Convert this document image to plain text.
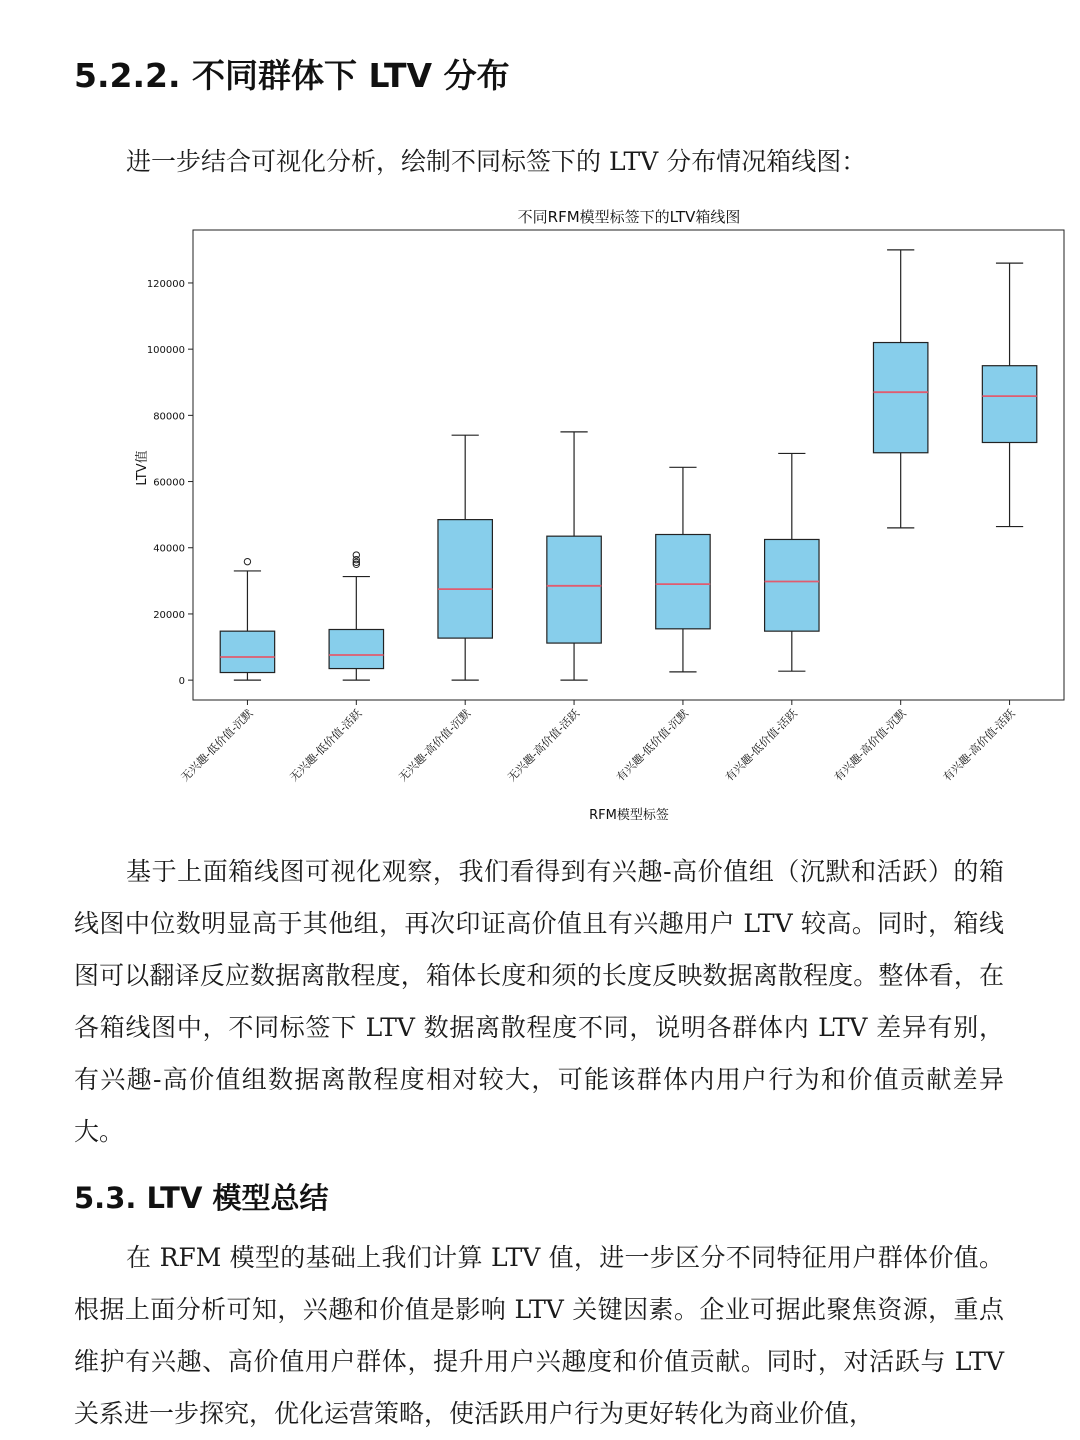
5.2.2. 不同群体下 LTV 分布

进一步结合可视化分析，绘制不同标签下的 LTV 分布情况箱线图：

不同RFM模型标签下的LTV箱线图
0
20000
40000
60000
80000
100000
120000
无兴趣-低价值-沉默	无兴趣-低价值-活跃	无兴趣-高价值-沉默	无兴趣-高价值-活跃	有兴趣-低价值-沉默	有兴趣-低价值-活跃	有兴趣-高价值-沉默	有兴趣-高价值-活跃
LTV值
RFM模型标签

基于上面箱线图可视化观察，我们看得到有兴趣-高价值组（沉默和活跃）的箱线图中位数明显高于其他组，再次印证高价值且有兴趣用户 LTV 较高。同时，箱线图可以翻译反应数据离散程度，箱体长度和须的长度反映数据离散程度。整体看，在各箱线图中，不同标签下 LTV 数据离散程度不同，说明各群体内 LTV 差异有别，有兴趣-高价值组数据离散程度相对较大，可能该群体内用户行为和价值贡献差异大。

5.3. LTV 模型总结

在 RFM 模型的基础上我们计算 LTV 值，进一步区分不同特征用户群体价值。根据上面分析可知，兴趣和价值是影响 LTV 关键因素。企业可据此聚焦资源，重点维护有兴趣、高价值用户群体，提升用户兴趣度和价值贡献。同时，对活跃与 LTV 关系进一步探究，优化运营策略，使活跃用户行为更好转化为商业价值，
